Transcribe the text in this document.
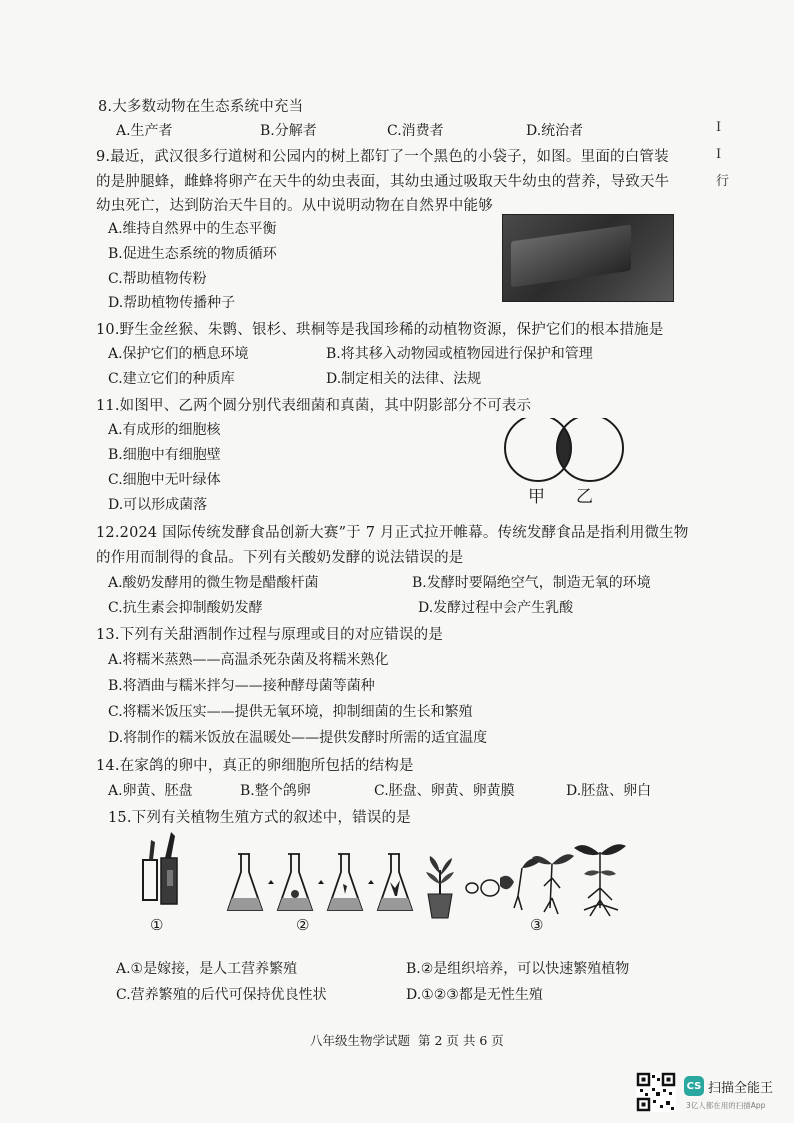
8.大多数动物在生态系统中充当
A.生产者	B.分解者	C.消费者	D.统治者
9.最近，武汉很多行道树和公园内的树上都钉了一个黑色的小袋子，如图。里面的白管装
的是肿腿蜂，雌蜂将卵产在天牛的幼虫表面，其幼虫通过吸取天牛幼虫的营养，导致天牛
幼虫死亡，达到防治天牛目的。从中说明动物在自然界中能够
A.维持自然界中的生态平衡
B.促进生态系统的物质循环
C.帮助植物传粉
D.帮助植物传播种子
10.野生金丝猴、朱鹮、银杉、珙桐等是我国珍稀的动植物资源，保护它们的根本措施是
A.保护它们的栖息环境	B.将其移入动物园或植物园进行保护和管理
C.建立它们的种质库	D.制定相关的法律、法规
11.如图甲、乙两个圆分别代表细菌和真菌，其中阴影部分不可表示
A.有成形的细胞核
B.细胞中有细胞壁
C.细胞中无叶绿体
D.可以形成菌落	甲 乙
12.2024 国际传统发酵食品创新大赛”于 7 月正式拉开帷幕。传统发酵食品是指利用微生物
的作用而制得的食品。下列有关酸奶发酵的说法错误的是
A.酸奶发酵用的微生物是醋酸杆菌	B.发酵时要隔绝空气，制造无氧的环境
C.抗生素会抑制酸奶发酵	D.发酵过程中会产生乳酸
13.下列有关甜酒制作过程与原理或目的对应错误的是
A.将糯米蒸熟——高温杀死杂菌及将糯米熟化
B.将酒曲与糯米拌匀——接种酵母菌等菌种
C.将糯米饭压实——提供无氧环境，抑制细菌的生长和繁殖
D.将制作的糯米饭放在温暖处——提供发酵时所需的适宜温度
14.在家鸽的卵中，真正的卵细胞所包括的结构是
A.卵黄、胚盘	B.整个鸽卵	C.胚盘、卵黄、卵黄膜	D.胚盘、卵白
15.下列有关植物生殖方式的叙述中，错误的是
①	②	③
A.①是嫁接，是人工营养繁殖	B.②是组织培养，可以快速繁殖植物
C.营养繁殖的后代可保持优良性状	D.①②③都是无性生殖
八年级生物学试题 第 2 页 共 6 页
I
I
行
CS 扫描全能王
3亿人都在用的扫描App
